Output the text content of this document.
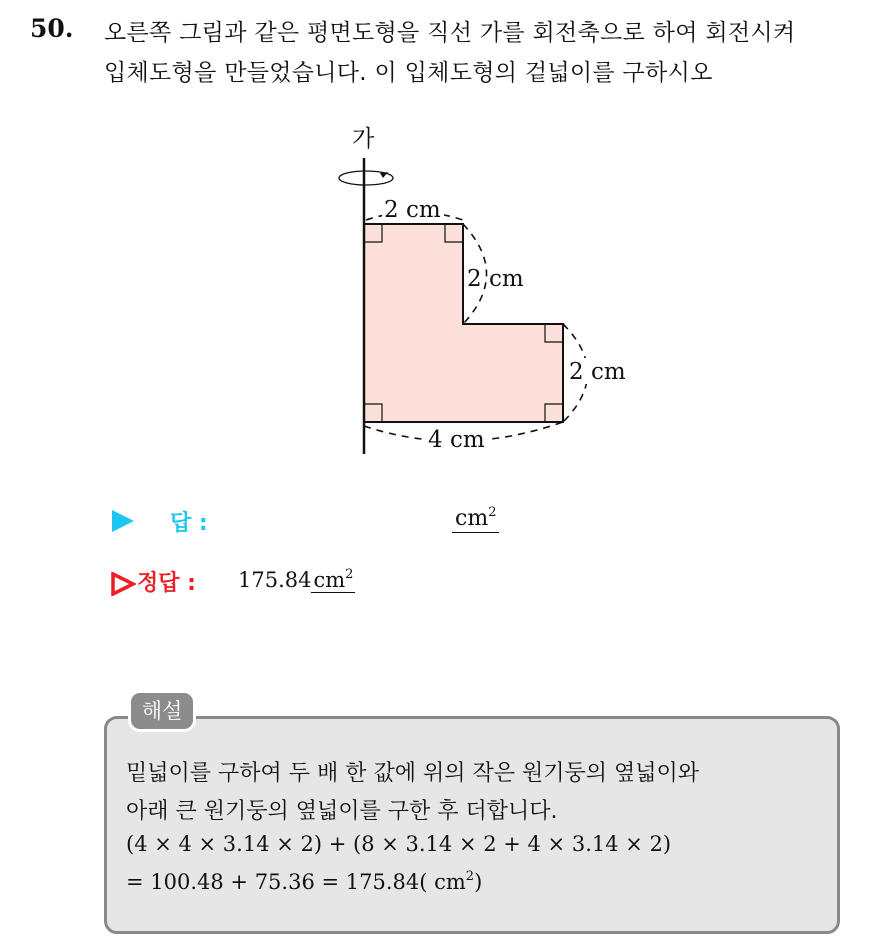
50. 오른쪽 그림과 같은 평면도형을 직선 가를 회전축으로 하여 회전시켜
입체도형을 만들었습니다. 이 입체도형의 겉넓이를 구하시오
가
2 cm
2 cm
2 cm
4 cm
답 :	$cm^2$
정답 : $175.84cm^2$
해설
밑넓이를 구하여 두 배 한 값에 위의 작은 원기둥의 옆넓이와
아래 큰 원기둥의 옆넓이를 구한 후 더합니다.
(4 × 4 × 3.14 × 2) + (8 × 3.14 × 2 + 4 × 3.14 × 2)
= 100.48 + 75.36 = 175.84( $cm^2$)
